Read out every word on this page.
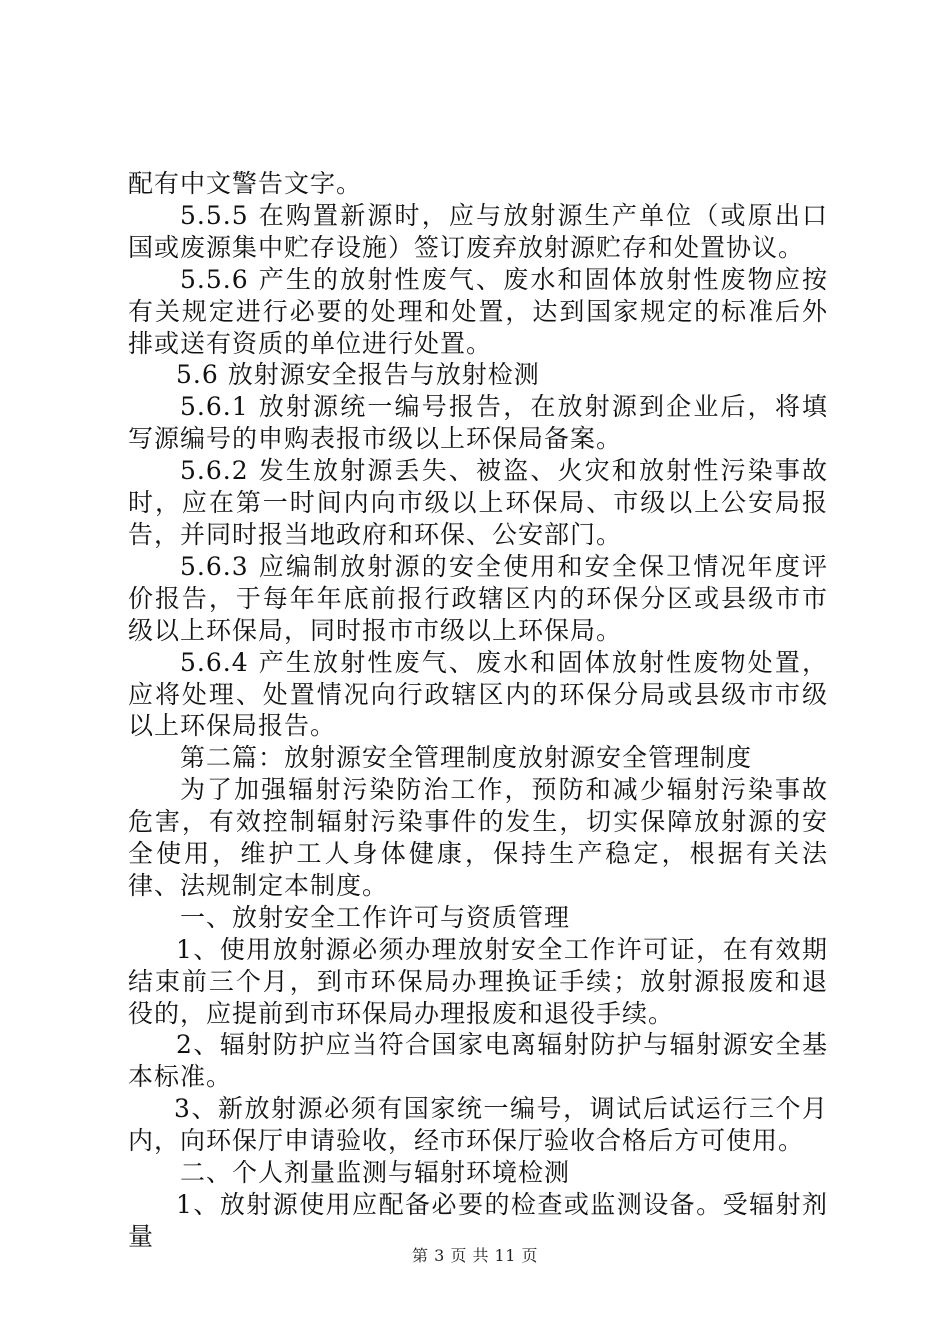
配有中文警告文字。

5.5.5 在购置新源时，应与放射源生产单位（或原出口国或废源集中贮存设施）签订废弃放射源贮存和处置协议。

5.5.6 产生的放射性废气、废水和固体放射性废物应按有关规定进行必要的处理和处置，达到国家规定的标准后外排或送有资质的单位进行处置。

5.6 放射源安全报告与放射检测

5.6.1 放射源统一编号报告，在放射源到企业后，将填写源编号的申购表报市级以上环保局备案。

5.6.2 发生放射源丢失、被盗、火灾和放射性污染事故时，应在第一时间内向市级以上环保局、市级以上公安局报告，并同时报当地政府和环保、公安部门。

5.6.3 应编制放射源的安全使用和安全保卫情况年度评价报告，于每年年底前报行政辖区内的环保分区或县级市市级以上环保局，同时报市市级以上环保局。

5.6.4 产生放射性废气、废水和固体放射性废物处置，应将处理、处置情况向行政辖区内的环保分局或县级市市级以上环保局报告。

第二篇：放射源安全管理制度放射源安全管理制度

为了加强辐射污染防治工作，预防和减少辐射污染事故危害，有效控制辐射污染事件的发生，切实保障放射源的安全使用，维护工人身体健康，保持生产稳定，根据有关法律、法规制定本制度。

一、放射安全工作许可与资质管理

1、使用放射源必须办理放射安全工作许可证，在有效期结束前三个月，到市环保局办理换证手续；放射源报废和退役的，应提前到市环保局办理报废和退役手续。

2、辐射防护应当符合国家电离辐射防护与辐射源安全基本标准。

3、新放射源必须有国家统一编号，调试后试运行三个月内，向环保厅申请验收，经市环保厅验收合格后方可使用。

二、个人剂量监测与辐射环境检测

1、放射源使用应配备必要的检查或监测设备。受辐射剂量

第 3 页 共 11 页
